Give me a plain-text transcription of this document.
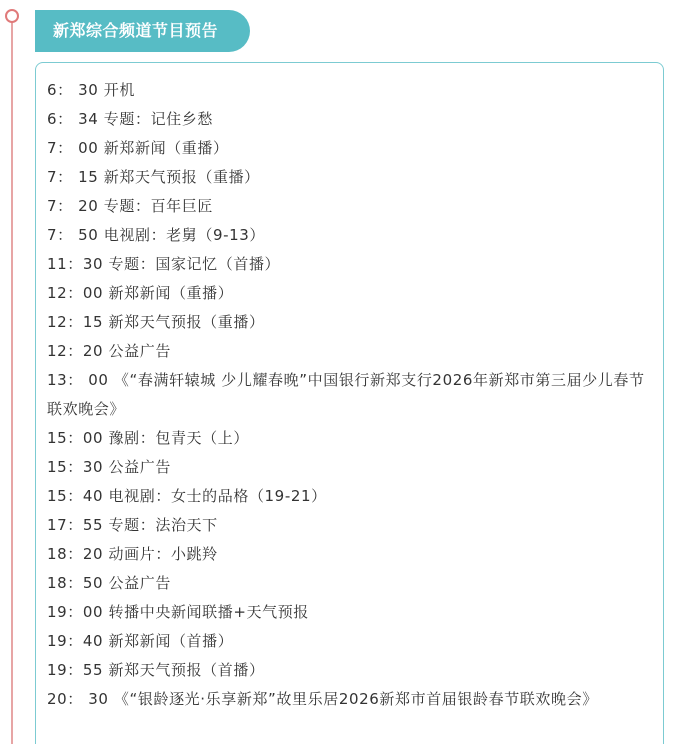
新郑综合频道节目预告
6： 30 开机
6： 34 专题：记住乡愁
7： 00 新郑新闻（重播）
7： 15 新郑天气预报（重播）
7： 20 专题：百年巨匠
7： 50 电视剧：老舅（9-13）
11：30 专题：国家记忆（首播）
12：00 新郑新闻（重播）
12：15 新郑天气预报（重播）
12：20 公益广告
13： 00 《“春满轩辕城 少儿耀春晚”中国银行新郑支行2026年新郑市第三届少儿春节联欢晚会》
15：00 豫剧：包青天（上）
15：30 公益广告
15：40 电视剧：女士的品格（19-21）
17：55 专题：法治天下
18：20 动画片：小跳羚
18：50 公益广告
19：00 转播中央新闻联播+天气预报
19：40 新郑新闻（首播）
19：55 新郑天气预报（首播）
20： 30 《“银龄逐光·乐享新郑”故里乐居2026新郑市首届银龄春节联欢晚会》
